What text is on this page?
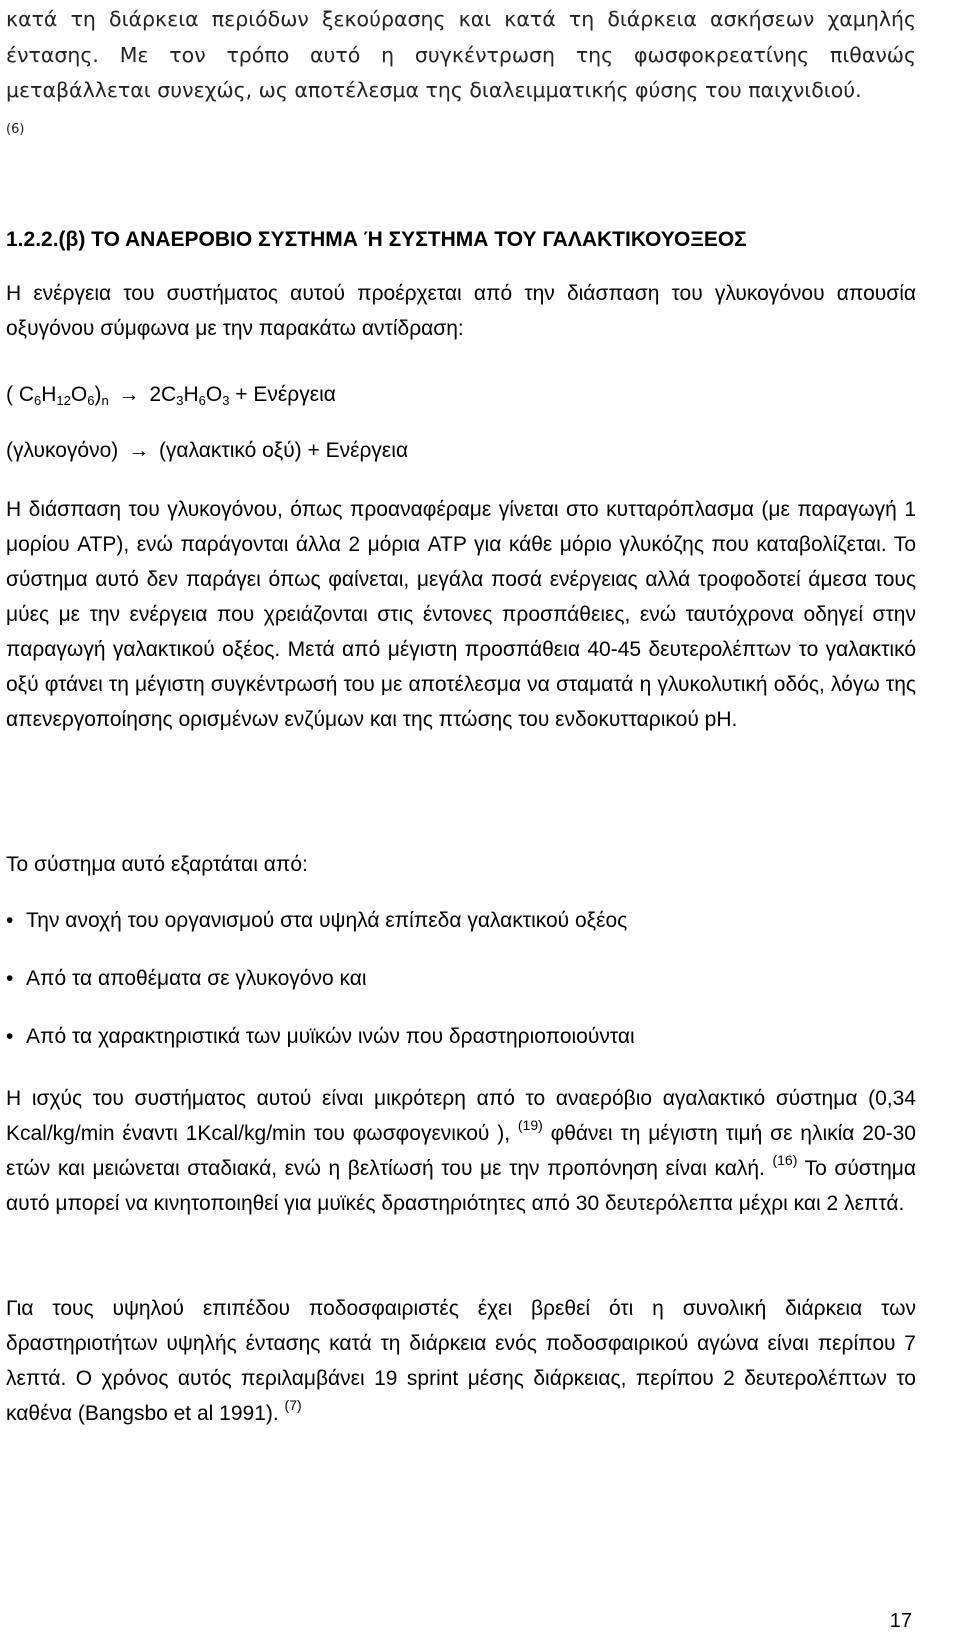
κατά τη διάρκεια περιόδων ξεκούρασης και κατά τη διάρκεια ασκήσεων χαμηλής έντασης. Με τον τρόπο αυτό η συγκέντρωση της φωσφοκρεατίνης πιθανώς μεταβάλλεται συνεχώς, ως αποτέλεσμα της διαλειμματικής φύσης του παιχνιδιού.
(6)

1.2.2.(β) ΤΟ ΑΝΑΕΡΟΒΙΟ ΣΥΣΤΗΜΑ Ή ΣΥΣΤΗΜΑ ΤΟΥ ΓΑΛΑΚΤΙΚΟΥΟΞΕΟΣ

Η ενέργεια του συστήματος αυτού προέρχεται από την διάσπαση του γλυκογόνου απουσία οξυγόνου σύμφωνα με την παρακάτω αντίδραση:

( $C_6H_{12}O_6)_n \to 2C_3H_6O_3 + E\nu έ\rho\gamma\varepsilon\iota\alpha$
(γλυκογόνο) → (γαλακτικό οξύ) + Ενέργεια

Η διάσπαση του γλυκογόνου, όπως προαναφέραμε γίνεται στο κυτταρόπλασμα (με παραγωγή 1 μορίου ATP), ενώ παράγονται άλλα 2 μόρια ATP για κάθε μόριο γλυκόζης που καταβολίζεται. Το σύστημα αυτό δεν παράγει όπως φαίνεται, μεγάλα ποσά ενέργειας αλλά τροφοδοτεί άμεσα τους μύες με την ενέργεια που χρειάζονται στις έντονες προσπάθειες, ενώ ταυτόχρονα οδηγεί στην παραγωγή γαλακτικού οξέος. Μετά από μέγιστη προσπάθεια 40-45 δευτερολέπτων το γαλακτικό οξύ φτάνει τη μέγιστη συγκέντρωσή του με αποτέλεσμα να σταματά η γλυκολυτική οδός, λόγω της απενεργοποίησης ορισμένων ενζύμων και της πτώσης του ενδοκυτταρικού pH.

Το σύστημα αυτό εξαρτάται από:
• Την ανοχή του οργανισμού στα υψηλά επίπεδα γαλακτικού οξέος
• Από τα αποθέματα σε γλυκογόνο και
• Από τα χαρακτηριστικά των μυϊκών ινών που δραστηριοποιούνται

Η ισχύς του συστήματος αυτού είναι μικρότερη από το αναερόβιο αγαλακτικό σύστημα (0,34 Kcal/kg/min έναντι 1Kcal/kg/min του φωσφογενικού ), $^{(19)}$ φθάνει τη μέγιστη τιμή σε ηλικία 20-30 ετών και μειώνεται σταδιακά, ενώ η βελτίωσή του με την προπόνηση είναι καλή. $^{(16)}$ Το σύστημα αυτό μπορεί να κινητοποιηθεί για μυϊκές δραστηριότητες από 30 δευτερόλεπτα μέχρι και 2 λεπτά.

Για τους υψηλού επιπέδου ποδοσφαιριστές έχει βρεθεί ότι η συνολική διάρκεια των δραστηριοτήτων υψηλής έντασης κατά τη διάρκεια ενός ποδοσφαιρικού αγώνα είναι περίπου 7 λεπτά. Ο χρόνος αυτός περιλαμβάνει 19 sprint μέσης διάρκειας, περίπου 2 δευτερολέπτων το καθένα (Bangsbo et al 1991). $^{(7)}$

17
